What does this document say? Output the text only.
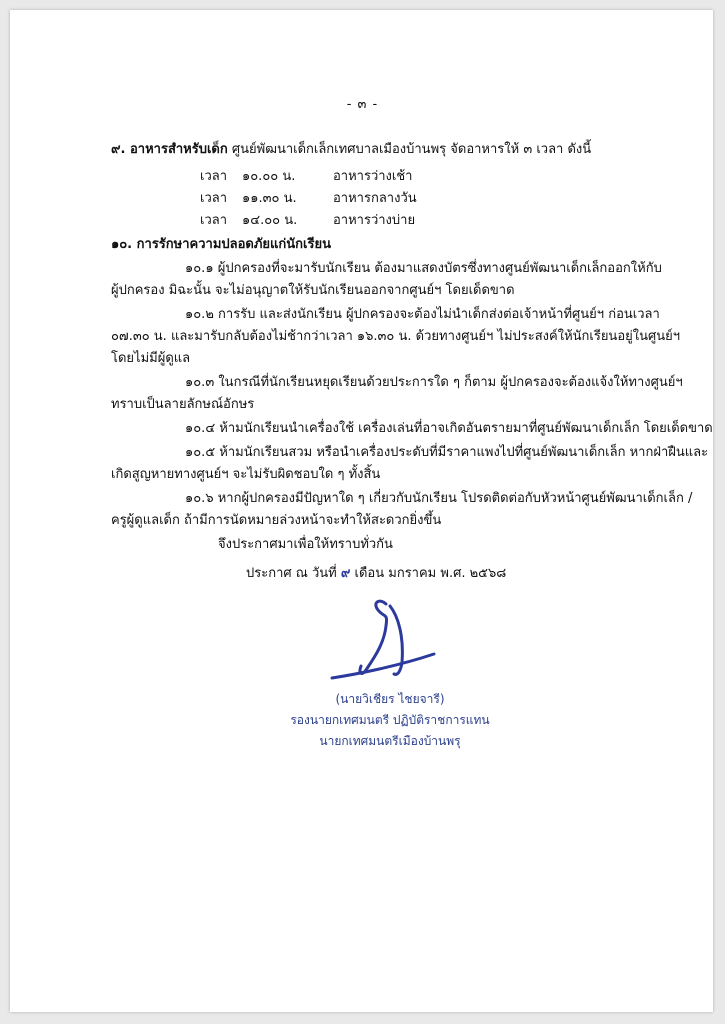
- ๓ -
๙. อาหารสำหรับเด็ก ศูนย์พัฒนาเด็กเล็กเทศบาลเมืองบ้านพรุ จัดอาหารให้ ๓ เวลา ดังนี้
เวลา ๑๐.๐๐ น.	อาหารว่างเช้า
เวลา ๑๑.๓๐ น.	อาหารกลางวัน
เวลา ๑๔.๐๐ น.	อาหารว่างบ่าย
๑๐. การรักษาความปลอดภัยแก่นักเรียน
๑๐.๑ ผู้ปกครองที่จะมารับนักเรียน ต้องมาแสดงบัตรซึ่งทางศูนย์พัฒนาเด็กเล็กออกให้กับ
ผู้ปกครอง มิฉะนั้น จะไม่อนุญาตให้รับนักเรียนออกจากศูนย์ฯ โดยเด็ดขาด
๑๐.๒ การรับ และส่งนักเรียน ผู้ปกครองจะต้องไม่นำเด็กส่งต่อเจ้าหน้าที่ศูนย์ฯ ก่อนเวลา
๐๗.๓๐ น. และมารับกลับต้องไม่ช้ากว่าเวลา ๑๖.๓๐ น. ด้วยทางศูนย์ฯ ไม่ประสงค์ให้นักเรียนอยู่ในศูนย์ฯ
โดยไม่มีผู้ดูแล
๑๐.๓ ในกรณีที่นักเรียนหยุดเรียนด้วยประการใด ๆ ก็ตาม ผู้ปกครองจะต้องแจ้งให้ทางศูนย์ฯ
ทราบเป็นลายลักษณ์อักษร
๑๐.๔ ห้ามนักเรียนนำเครื่องใช้ เครื่องเล่นที่อาจเกิดอันตรายมาที่ศูนย์พัฒนาเด็กเล็ก โดยเด็ดขาด
๑๐.๕ ห้ามนักเรียนสวม หรือนำเครื่องประดับที่มีราคาแพงไปที่ศูนย์พัฒนาเด็กเล็ก หากฝ่าฝืนและ
เกิดสูญหายทางศูนย์ฯ จะไม่รับผิดชอบใด ๆ ทั้งสิ้น
๑๐.๖ หากผู้ปกครองมีปัญหาใด ๆ เกี่ยวกับนักเรียน โปรดติดต่อกับหัวหน้าศูนย์พัฒนาเด็กเล็ก /
ครูผู้ดูแลเด็ก ถ้ามีการนัดหมายล่วงหน้าจะทำให้สะดวกยิ่งขึ้น
จึงประกาศมาเพื่อให้ทราบทั่วกัน
ประกาศ ณ วันที่ ๙ เดือน มกราคม พ.ศ. ๒๕๖๘
(นายวิเชียร ไชยจารี)
รองนายกเทศมนตรี ปฏิบัติราชการแทน
นายกเทศมนตรีเมืองบ้านพรุ
